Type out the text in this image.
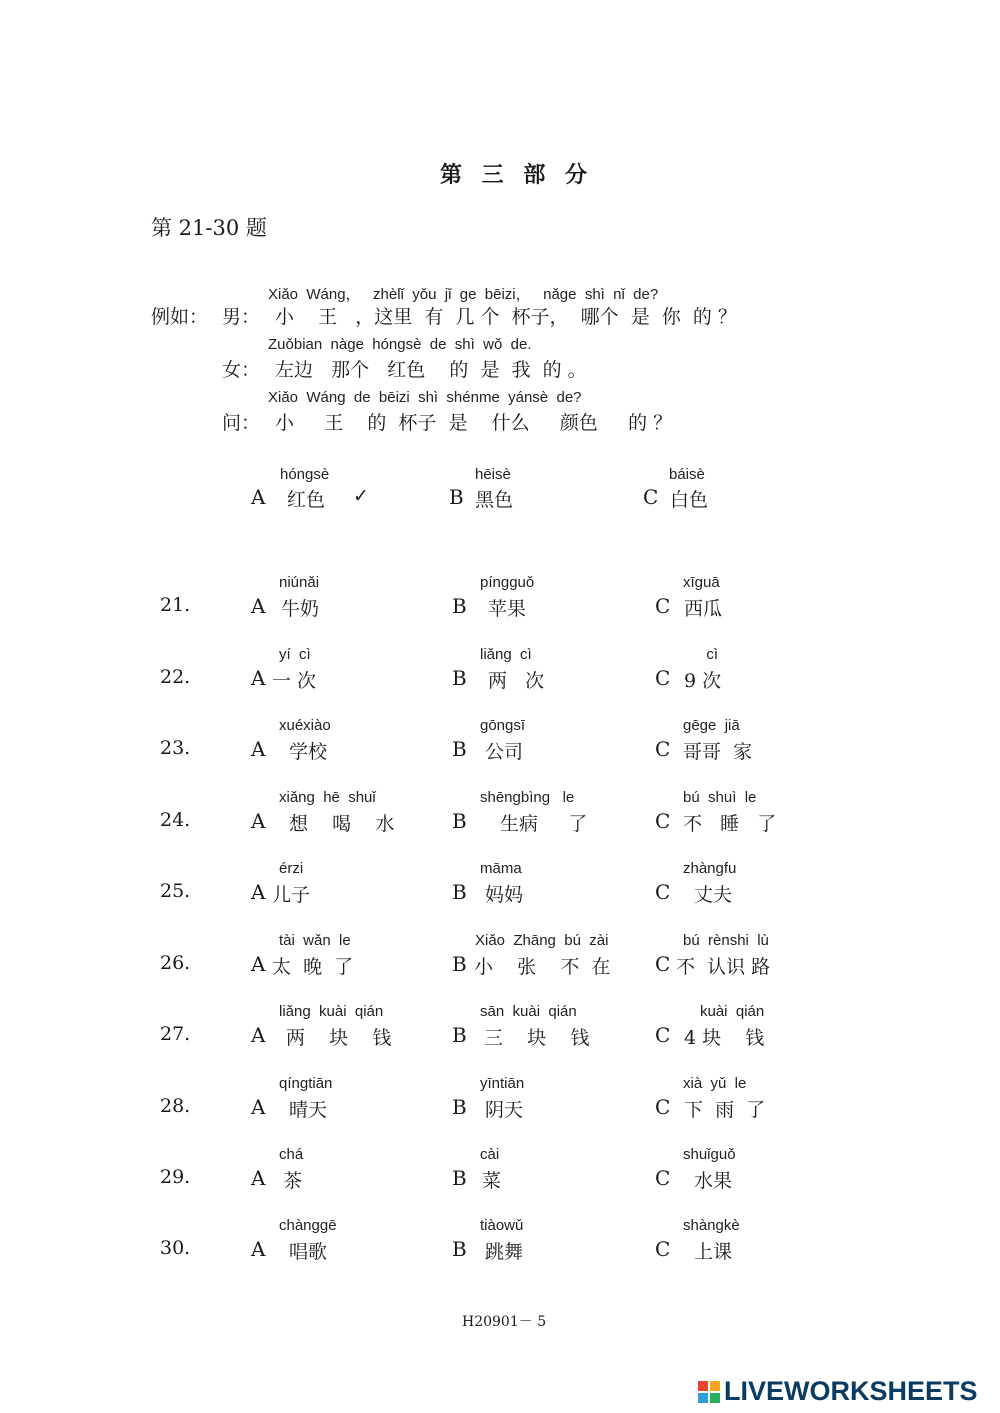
第 三 部 分
第 21-30 题
例如：
Xiǎo  Wáng，   zhèlǐ  yǒu  jǐ  ge  bēizi，   nǎge  shì  nǐ  de?
男： 小    王   ，这里  有  几 个  杯子，  哪个  是  你  的 ？
Zuǒbian  nàge  hóngsè  de  shì  wǒ  de.
女： 左边   那个   红色    的  是  我  的 。
Xiǎo  Wáng  de  bēizi  shì  shénme  yánsè  de?
问： 小     王    的  杯子  是    什么     颜色     的 ？
hóngsè
A 红色 ✓
hēisè
B 黑色
báisè
C 白色
21.
niúnǎi
A 牛奶
píngguǒ
B 苹果
xīguā
C 西瓜
22.
yí  cì
A 一 次
liǎng  cì
B 两   次
cì
C 9 次
23.
xuéxiào
A 学校
gōngsī
B 公司
gēge  jiā
C 哥哥  家
24.
xiǎng  hē  shuǐ
A 想    喝    水
shēngbìng   le
B 生病     了
bú  shuì  le
C 不   睡   了
25.
érzi
A 儿子
māma
B 妈妈
zhàngfu
C 丈夫
26.
tài  wǎn  le
A 太  晚  了
Xiǎo  Zhāng  bú  zài
B 小    张    不  在
bú  rènshi  lù
C 不  认识 路
27.
liǎng  kuài  qián
A 两    块    钱
sān  kuài  qián
B 三    块    钱
kuài  qián
C 4 块    钱
28.
qíngtiān
A 晴天
yīntiān
B 阴天
xià  yǔ  le
C 下  雨  了
29.
chá
A 茶
cài
B 菜
shuǐguǒ
C 水果
30.
chànggē
A 唱歌
tiàowǔ
B 跳舞
shàngkè
C 上课
H20901－ 5
LIVEWORKSHEETS
